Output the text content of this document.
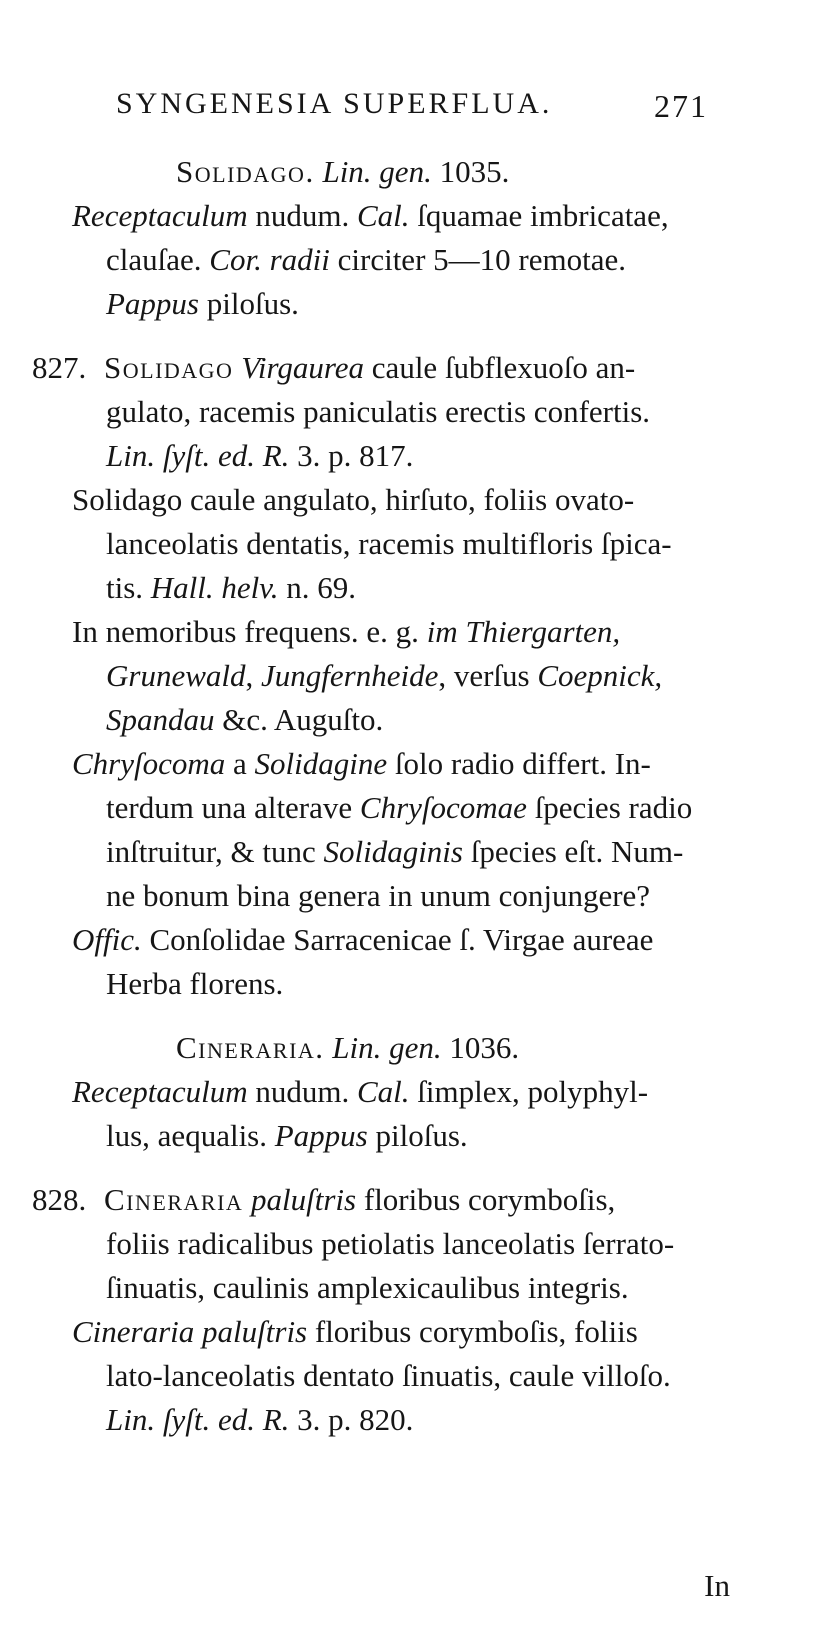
SYNGENESIA SUPERFLUA.	271
Solidago. Lin. gen. 1035.
Receptaculum nudum. Cal. ſquamae imbricatae,
clauſae. Cor. radii circiter 5—10 remotae.
Pappus piloſus.
827. Solidago Virgaurea caule ſubflexuoſo an-
gulato, racemis paniculatis erectis confertis.
Lin. ſyſt. ed. R. 3. p. 817.
Solidago caule angulato, hirſuto, foliis ovato-
lanceolatis dentatis, racemis multifloris ſpica-
tis. Hall. helv. n. 69.
In nemoribus frequens. e. g. im Thiergarten,
Grunewald, Jungfernheide, verſus Coepnick,
Spandau &c. Auguſto.
Chryſocoma a Solidagine ſolo radio differt. In-
terdum una alterave Chryſocomae ſpecies radio
inſtruitur, & tunc Solidaginis ſpecies eſt. Num-
ne bonum bina genera in unum conjungere?
Offic. Conſolidae Sarracenicae ſ. Virgae aureae
Herba florens.
Cineraria. Lin. gen. 1036.
Receptaculum nudum. Cal. ſimplex, polyphyl-
lus, aequalis. Pappus piloſus.
828. Cineraria paluſtris floribus corymboſis,
foliis radicalibus petiolatis lanceolatis ſerrato-
ſinuatis, caulinis amplexicaulibus integris.
Cineraria paluſtris floribus corymboſis, foliis
lato-lanceolatis dentato ſinuatis, caule villoſo.
Lin. ſyſt. ed. R. 3. p. 820.
In
